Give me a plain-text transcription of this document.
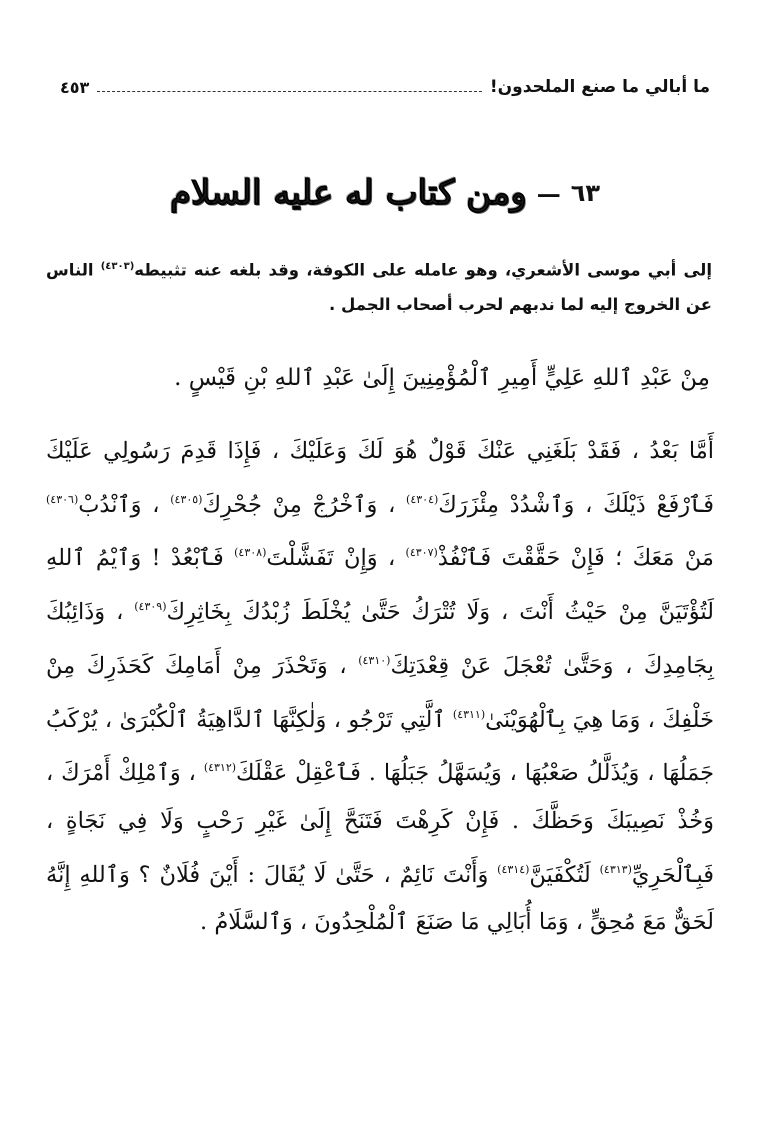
ما أبالي ما صنع الملحدون!
٤٥٣
٦٣
—
ومن كتاب له عليه السلام
إلى أبي موسى الأشعري، وهو عامله على الكوفة، وقد بلغه عنه تثبيطه$^{(٤٣٠٣)}$ الناس عن الخروج إليه لما ندبهم لحرب أصحاب الجمل .
مِنْ عَبْدِ ٱللهِ عَلِيٍّ أَمِيرِ ٱلْمُؤْمِنِينَ إِلَىٰ عَبْدِ ٱللهِ بْنِ قَيْسٍ .
أَمَّا بَعْدُ ، فَقَدْ بَلَغَنِي عَنْكَ قَوْلٌ هُوَ لَكَ وَعَلَيْكَ ، فَإِذَا قَدِمَ رَسُولِي عَلَيْكَ فَٱرْفَعْ ذَيْلَكَ ، وَٱشْدُدْ مِئْزَرَكَ$^{(٤٣٠٤)}$ ، وَٱخْرُجْ مِنْ جُحْرِكَ$^{(٤٣٠٥)}$ ، وَٱنْدُبْ$^{(٤٣٠٦)}$ مَنْ مَعَكَ ؛ فَإِنْ حَقَّقْتَ فَٱنْفُذْ$^{(٤٣٠٧)}$ ، وَإِنْ تَفَشَّلْتَ$^{(٤٣٠٨)}$ فَٱبْعُدْ ! وَٱيْمُ ٱللهِ لَتُؤْتَيَنَّ مِنْ حَيْثُ أَنْتَ ، وَلَا تُتْرَكُ حَتَّىٰ يُخْلَطَ زُبْدُكَ بِخَاثِرِكَ$^{(٤٣٠٩)}$ ، وَذَائِبُكَ بِجَامِدِكَ ، وَحَتَّىٰ تُعْجَلَ عَنْ قِعْدَتِكَ$^{(٤٣١٠)}$ ، وَتَحْذَرَ مِنْ أَمَامِكَ كَحَذَرِكَ مِنْ خَلْفِكَ ، وَمَا هِيَ بِٱلْهُوَيْنَىٰ$^{(٤٣١١)}$ ٱلَّتِي تَرْجُو ، وَلٰكِنَّهَا ٱلدَّاهِيَةُ ٱلْكُبْرَىٰ ، يُرْكَبُ جَمَلُهَا ، وَيُذَلَّلُ صَعْبُهَا ، وَيُسَهَّلُ جَبَلُهَا . فَٱعْقِلْ عَقْلَكَ$^{(٤٣١٢)}$ ، وَٱمْلِكْ أَمْرَكَ ، وَخُذْ نَصِيبَكَ وَحَظَّكَ . فَإِنْ كَرِهْتَ فَتَنَحَّ إِلَىٰ غَيْرِ رَحْبٍ وَلَا فِي نَجَاةٍ ، فَبِٱلْحَرِيِّ$^{(٤٣١٣)}$ لَتُكْفَيَنَّ$^{(٤٣١٤)}$ وَأَنْتَ نَائِمٌ ، حَتَّىٰ لَا يُقَالَ : أَيْنَ فُلَانٌ ؟ وَٱللهِ إِنَّهُ لَحَقٌّ مَعَ مُحِقٍّ ، وَمَا أُبَالِي مَا صَنَعَ ٱلْمُلْحِدُونَ ، وَٱلسَّلَامُ .
